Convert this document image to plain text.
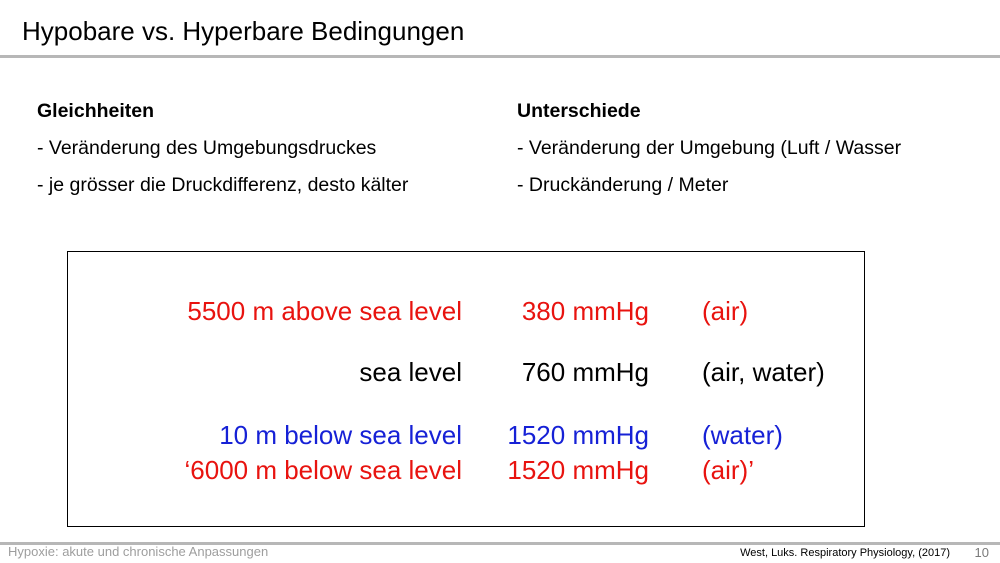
Hypobare vs. Hyperbare Bedingungen
Gleichheiten
- Veränderung des Umgebungsdruckes
- je grösser die Druckdifferenz, desto kälter
Unterschiede
- Veränderung der Umgebung (Luft / Wasser
- Druckänderung / Meter
5500 m above sea level 380 mmHg (air)
sea level 760 mmHg (air, water)
10 m below sea level 1520 mmHg (water)
‘6000 m below sea level 1520 mmHg (air)’
Hypoxie: akute und chronische Anpassungen	West, Luks. Respiratory Physiology, (2017) 10
